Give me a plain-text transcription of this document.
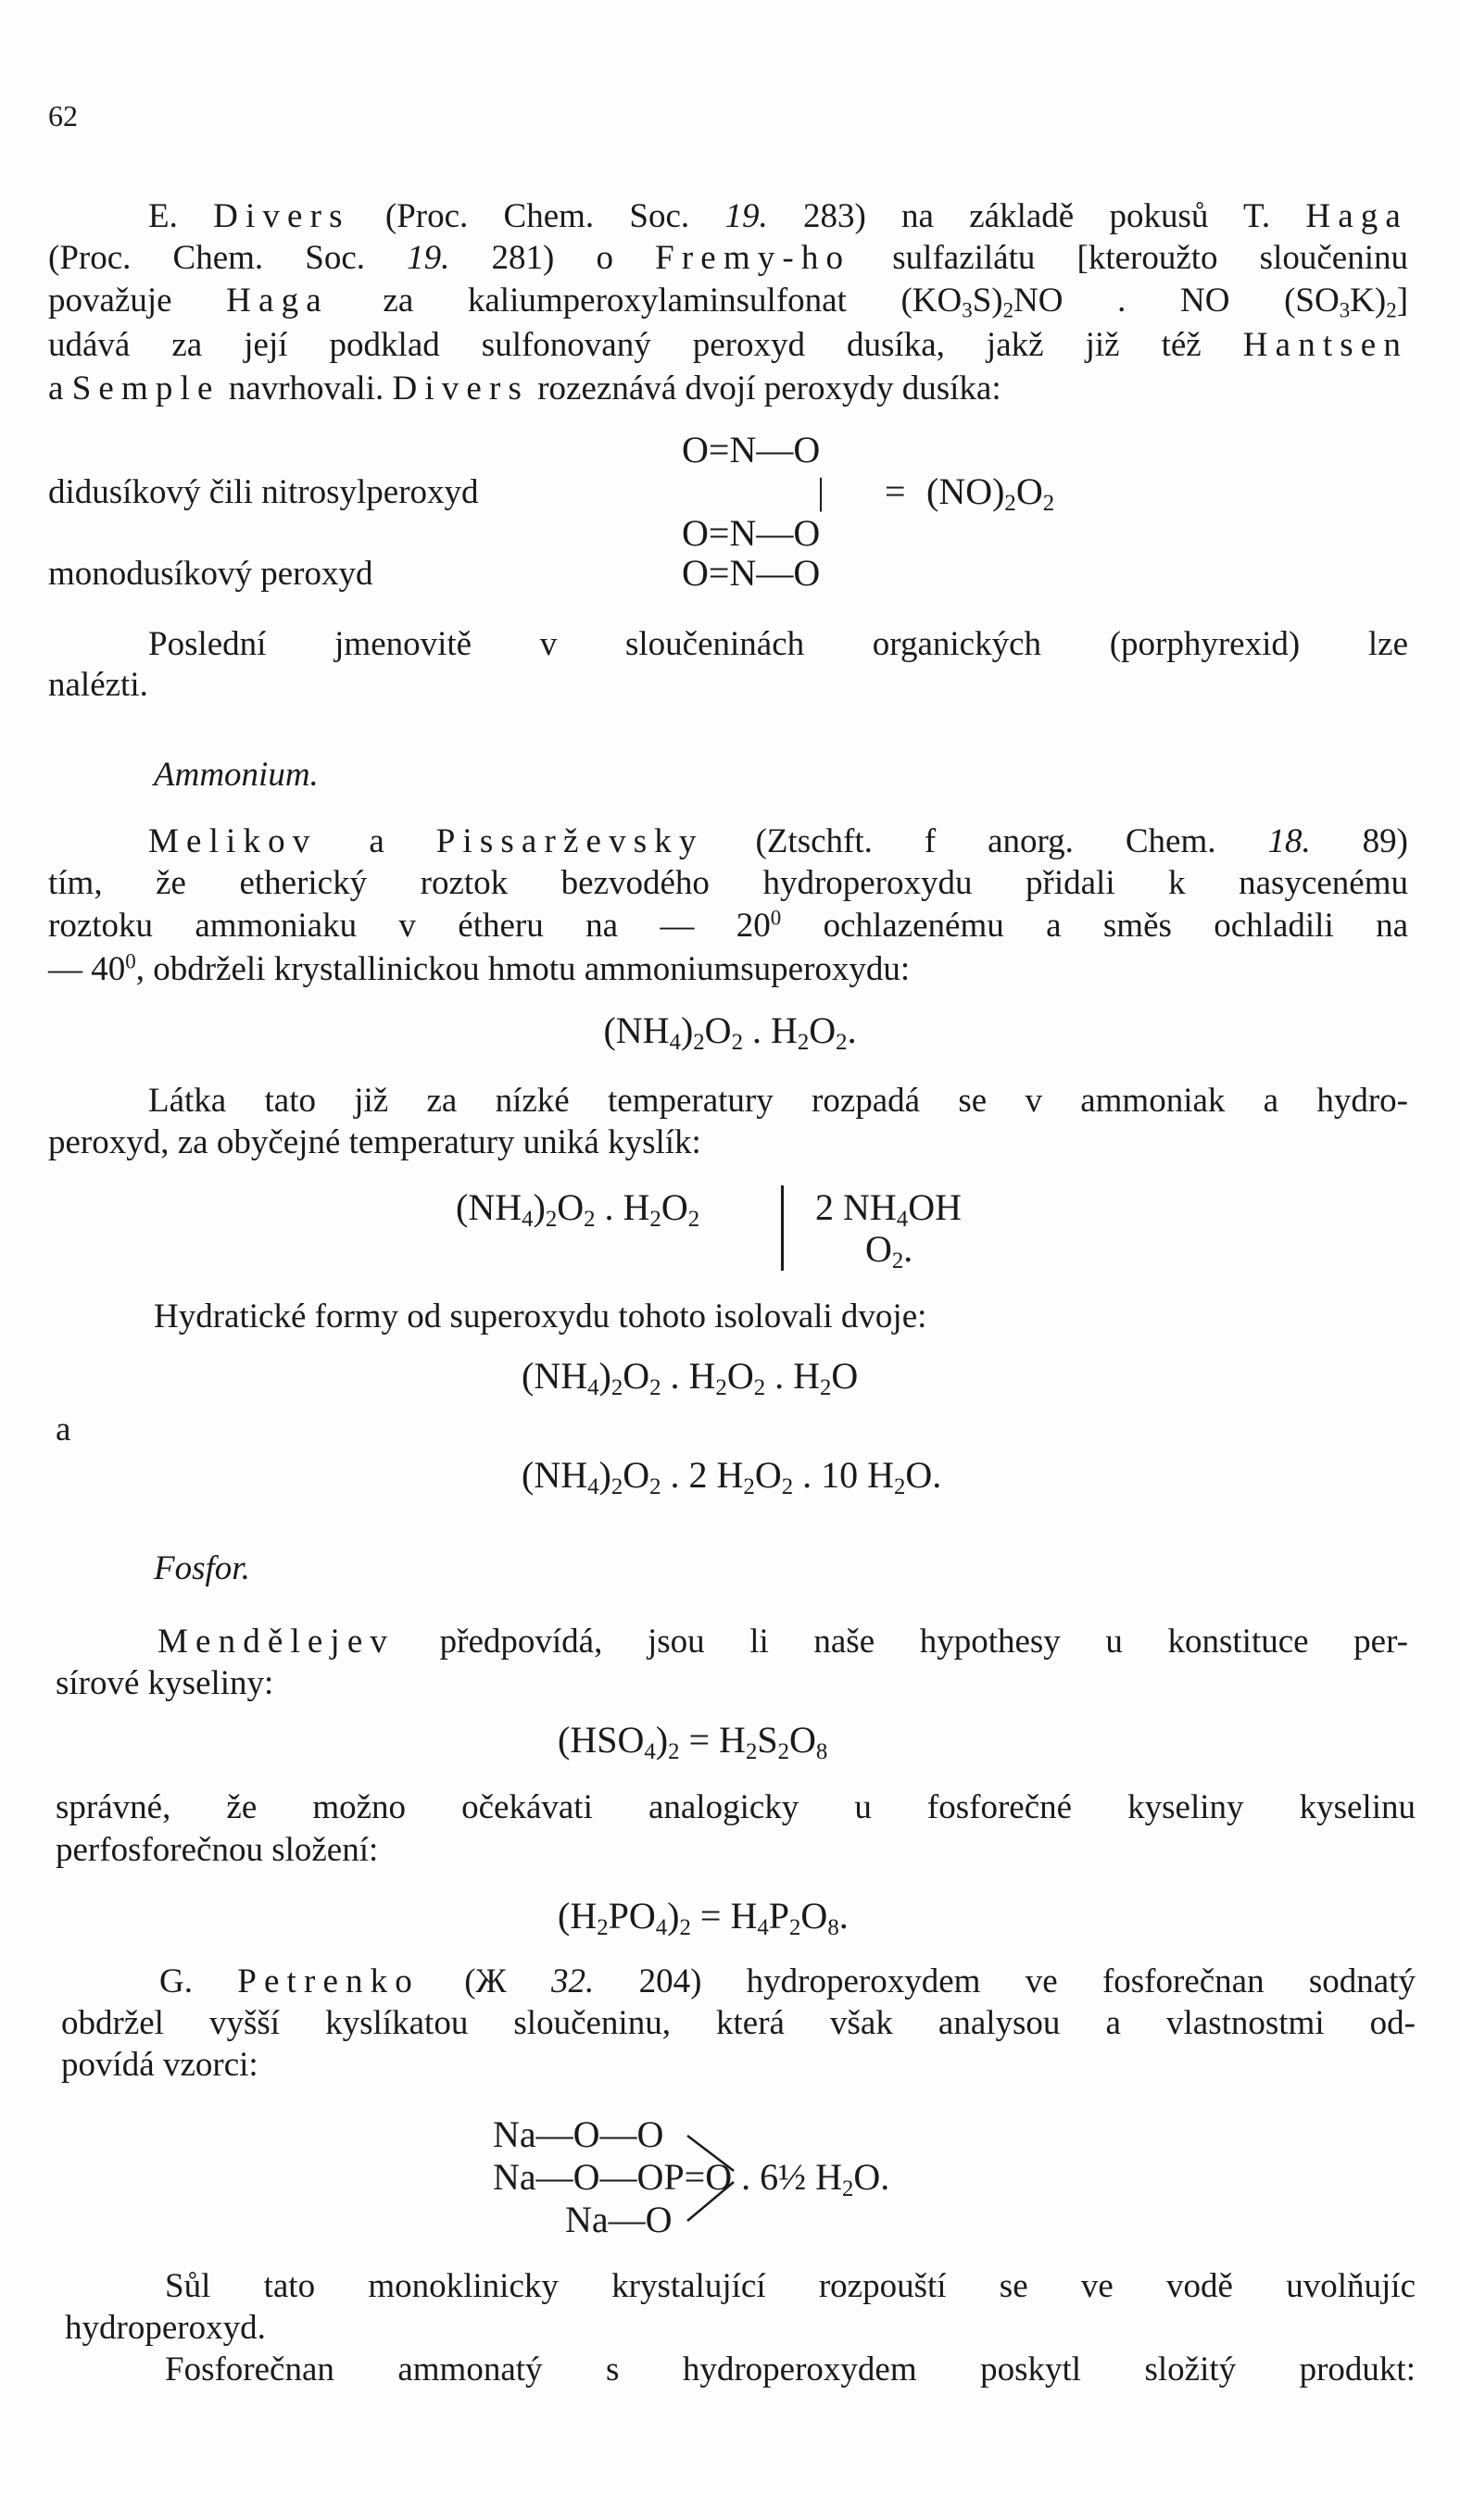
62
E. Divers (Proc. Chem. Soc. 19. 283) na základě pokusů T. Haga
(Proc. Chem. Soc. 19. 281) o Fremy-ho sulfazilátu [kteroužto sloučeninu
považuje Haga za kaliumperoxylaminsulfonat $(KO_3S)_2NO$ . NO $(SO_3K)_2$]
udává za její podklad sulfonovaný peroxyd dusíka, jakž již též Hantsen
a Semple navrhovali. Divers rozeznává dvojí peroxydy dusíka:
O=N—O
didusíkový čili nitrosylperoxyd	| = $(NO)_2O_2$
O=N—O
monodusíkový peroxyd	O=N—O
Poslední jmenovitě v sloučeninách organických (porphyrexid) lze
nalézti.
Ammonium.
Melikov a Pissarževsky (Ztschft. f anorg. Chem. 18. 89)
tím, že etherický roztok bezvodého hydroperoxydu přidali k nasycenému
roztoku ammoniaku v étheru na — $20^0$ ochlazenému a směs ochladili na
— $40^0$, obdrželi krystallinickou hmotu ammoniumsuperoxydu:
$(NH_4)_2O_2$ . $H_2O_2$.
Látka tato již za nízké temperatury rozpadá se v ammoniak a hydro-
peroxyd, za obyčejné temperatury uniká kyslík:
$(NH_4)_2O_2$ . $H_2O_2$	2 $NH_4OH$
$O_2$.
Hydratické formy od superoxydu tohoto isolovali dvoje:
$(NH_4)_2O_2$ . $H_2O_2$ . $H_2O$
a
$(NH_4)_2O_2$ . 2 $H_2O_2$ . 10 $H_2O$.
Fosfor.
Mendělejev předpovídá, jsou li naše hypothesy u konstituce per-
sírové kyseliny:
$(HSO_4)_2 = H_2S_2O_8$
správné, že možno očekávati analogicky u fosforečné kyseliny kyselinu
perfosforečnou složení:
$(H_2PO_4)_2 = H_4P_2O_8$.
G. Petrenko (Ж 32. 204) hydroperoxydem ve fosforečnan sodnatý
obdržel vyšší kyslíkatou sloučeninu, která však analysou a vlastnostmi od-
povídá vzorci:
Na—O—O
Na—O—OP=O . 6½ $H_2O$.
Na—O
Sůl tato monoklinicky krystalující rozpouští se ve vodě uvolňujíc
hydroperoxyd.
Fosforečnan ammonatý s hydroperoxydem poskytl složitý produkt:
